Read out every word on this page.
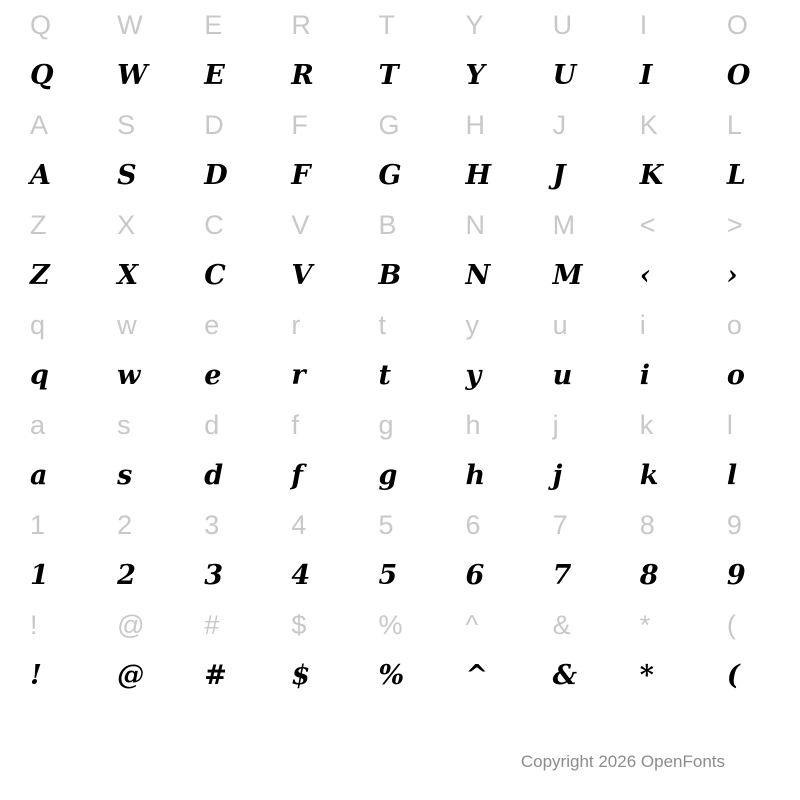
Q	W	E	R	T	Y	U	I	O
Q	W	E	R	T	Y	U	I	O
A	S	D	F	G	H	J	K	L
A	S	D	F	G	H	J	K	L
Z	X	C	V	B	N	M	<	>
Z	X	C	V	B	N	M	‹	›
q	w	e	r	t	y	u	i	o
q	w	e	r	t	y	u	i	o
a	s	d	f	g	h	j	k	l
a	s	d	f	g	h	j	k	l
1	2	3	4	5	6	7	8	9
1	2	3	4	5	6	7	8	9
!	@	#	$	%	^	&	*	(
!	@	#	$	%	^	&	*	(
Copyright 2026 OpenFonts
